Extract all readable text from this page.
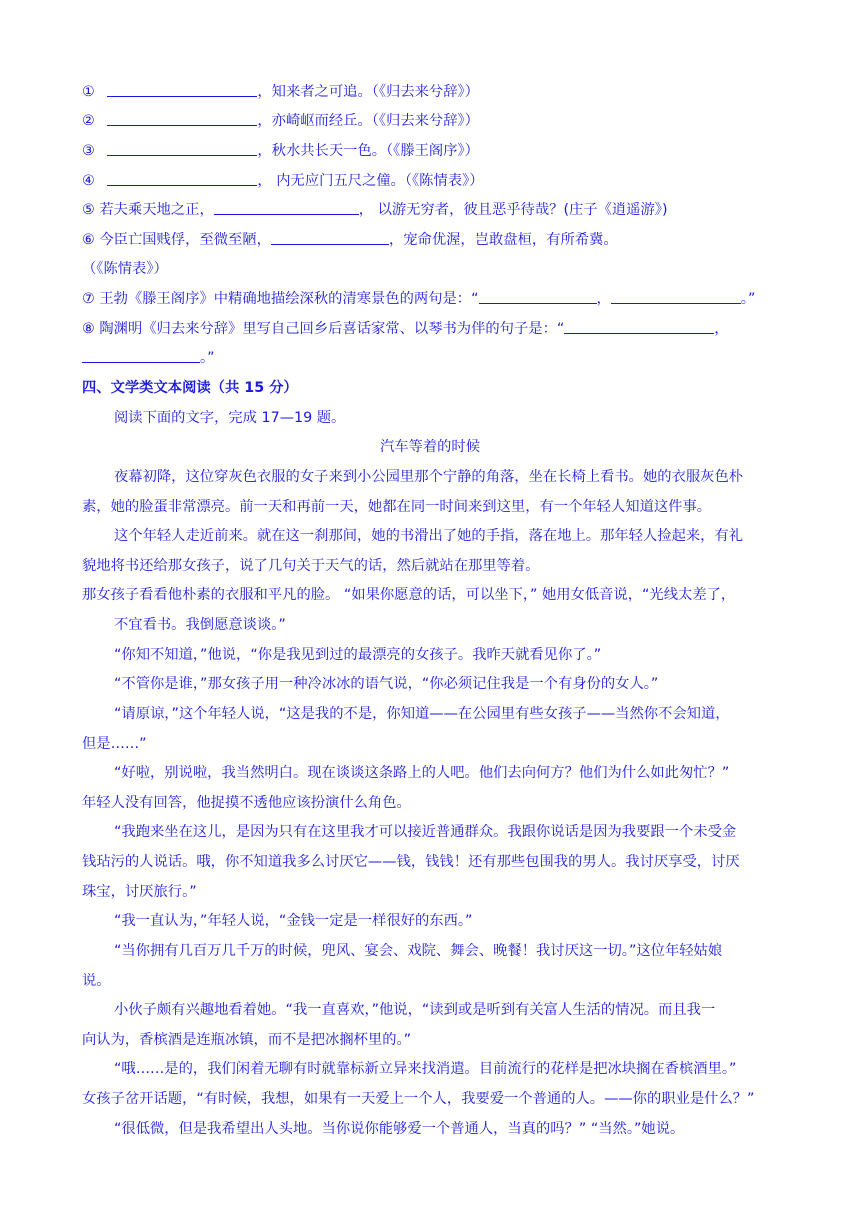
①	，知来者之可追。（《归去来兮辞》）
②	，亦崎岖而经丘。（《归去来兮辞》）
③	，秋水共长天一色。（《滕王阁序》）
④	， 内无应门五尺之僮。（《陈情表》）
⑤ 若夫乘天地之正，	， 以游无穷者，彼且恶乎待哉？(庄子《逍遥游》)
⑥ 今臣亡国贱俘，至微至陋，	，宠命优渥，岂敢盘桓，有所希冀。
（《陈情表》）
⑦ 王勃《滕王阁序》中精确地描绘深秋的清寒景色的两句是：“	，	。”
⑧ 陶渊明《归去来兮辞》里写自己回乡后喜话家常、以琴书为伴的句子是：“	，
。”
四、文学类文本阅读（共 15 分）
阅读下面的文字，完成 17—19 题。
汽车等着的时候
夜幕初降，这位穿灰色衣服的女子来到小公园里那个宁静的角落，坐在长椅上看书。她的衣服灰色朴
素，她的脸蛋非常漂亮。前一天和再前一天，她都在同一时间来到这里，有一个年轻人知道这件事。
这个年轻人走近前来。就在这一刹那间，她的书滑出了她的手指，落在地上。那年轻人捡起来，有礼
貌地将书还给那女孩子，说了几句关于天气的话，然后就站在那里等着。
那女孩子看看他朴素的衣服和平凡的脸。 “如果你愿意的话，可以坐下，” 她用女低音说，“光线太差了，
不宜看书。我倒愿意谈谈。”
“你知不知道，”他说，“你是我见到过的最漂亮的女孩子。我昨天就看见你了。”
“不管你是谁，”那女孩子用一种冷冰冰的语气说，“你必须记住我是一个有身份的女人。”
“请原谅，”这个年轻人说，“这是我的不是，你知道——在公园里有些女孩子——当然你不会知道，
但是……”
“好啦，别说啦，我当然明白。现在谈谈这条路上的人吧。他们去向何方？他们为什么如此匆忙？”
年轻人没有回答，他捉摸不透他应该扮演什么角色。
“我跑来坐在这儿，是因为只有在这里我才可以接近普通群众。我跟你说话是因为我要跟一个未受金
钱玷污的人说话。哦，你不知道我多么讨厌它——钱，钱钱！还有那些包围我的男人。我讨厌享受，讨厌
珠宝，讨厌旅行。”
“我一直认为，”年轻人说，“金钱一定是一样很好的东西。”
“当你拥有几百万几千万的时候，兜风、宴会、戏院、舞会、晚餐！我讨厌这一切。”这位年轻姑娘
说。
小伙子颇有兴趣地看着她。“我一直喜欢，”他说，“读到或是听到有关富人生活的情况。而且我一
向认为，香槟酒是连瓶冰镇，而不是把冰搁杯里的。”
“哦……是的，我们闲着无聊有时就靠标新立异来找消遣。目前流行的花样是把冰块搁在香槟酒里。”
女孩子岔开话题，“有时候，我想，如果有一天爱上一个人，我要爱一个普通的人。——你的职业是什么？”
“很低微，但是我希望出人头地。当你说你能够爱一个普通人，当真的吗？” “当然。”她说。
